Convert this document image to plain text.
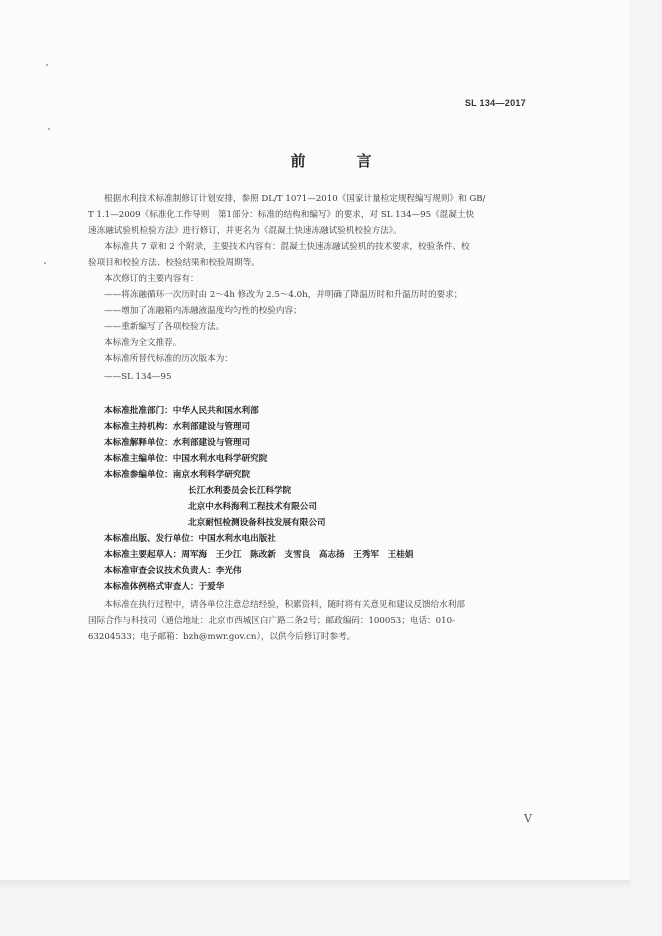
SL 134—2017
前　言
根据水利技术标准制修订计划安排，参照 DL/T 1071—2010《国家计量检定规程编写规则》和 GB/
T 1.1—2009《标准化工作导则　第1部分：标准的结构和编写》的要求，对 SL 134—95《混凝土快
速冻融试验机检验方法》进行修订，并更名为《混凝土快速冻融试验机校验方法》。
本标准共 7 章和 2 个附录，主要技术内容有：混凝土快速冻融试验机的技术要求，校验条件、校
验项目和校验方法、校验结果和校验周期等。
本次修订的主要内容有：
——将冻融循环一次历时由 2～4h 修改为 2.5～4.0h，并明确了降温历时和升温历时的要求；
——增加了冻融箱内冻融液温度均匀性的校验内容；
——重新编写了各项校验方法。
本标准为全文推荐。
本标准所替代标准的历次版本为：
——SL 134—95
本标准批准部门：中华人民共和国水利部
本标准主持机构：水利部建设与管理司
本标准解释单位：水利部建设与管理司
本标准主编单位：中国水利水电科学研究院
本标准参编单位：南京水利科学研究院
长江水利委员会长江科学院
北京中水科海利工程技术有限公司
北京耐恒检测设备科技发展有限公司
本标准出版、发行单位：中国水利水电出版社
本标准主要起草人：周军海　王少江　陈改新　支雪良　高志扬　王秀军　王桂娟
本标准审查会议技术负责人：李光伟
本标准体例格式审查人：于爱华
本标准在执行过程中，请各单位注意总结经验，积累资料，随时将有关意见和建议反馈给水利部
国际合作与科技司（通信地址：北京市西城区白广路二条2号；邮政编码：100053；电话：010-
63204533；电子邮箱：bzh@mwr.gov.cn），以供今后修订时参考。
V
